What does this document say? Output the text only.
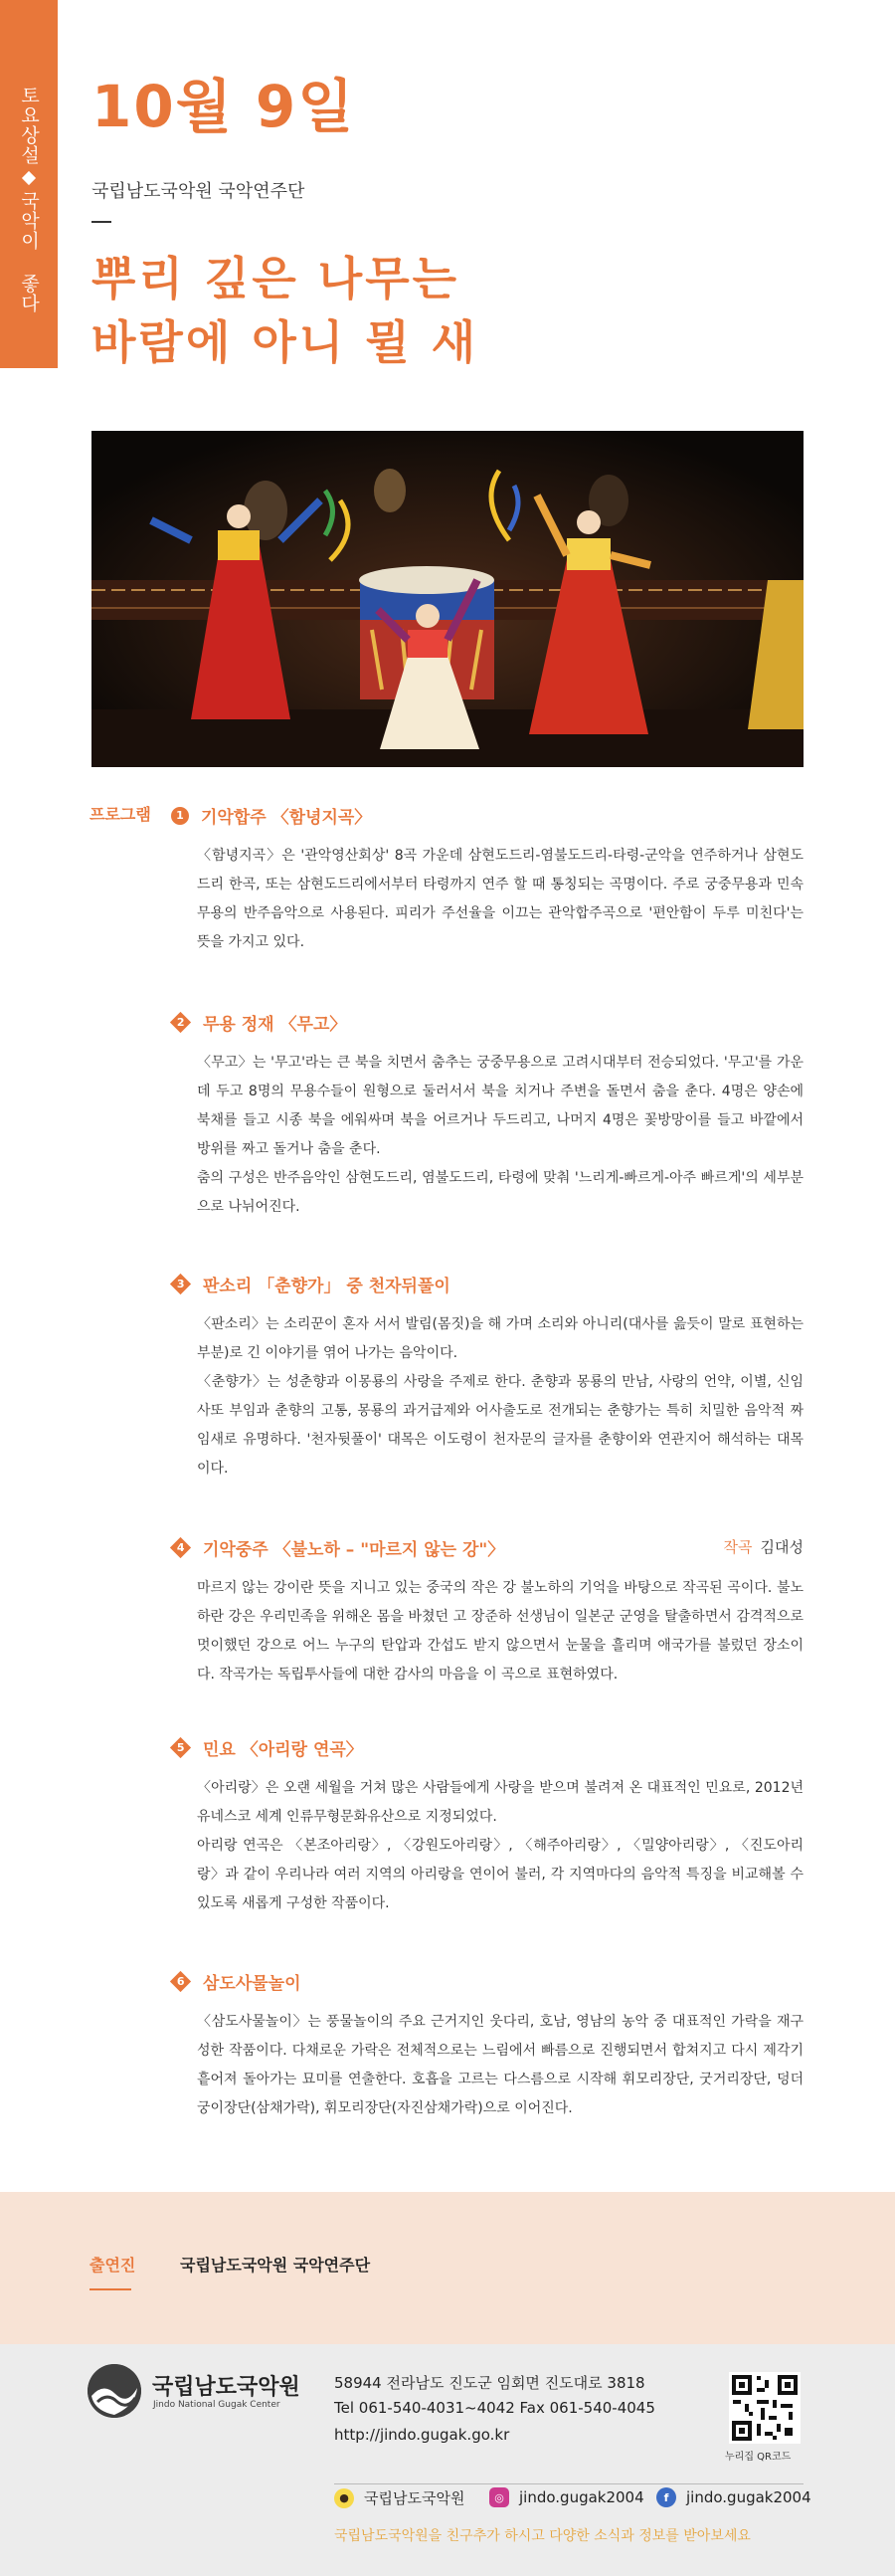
토요상설
국악이 좋다
10월 9일
국립남도국악원 국악연주단
뿌리 깊은 나무는
바람에 아니 뮐 새
프로그램 1 기악합주 〈함녕지곡〉

〈함녕지곡〉은 '관악영산회상' 8곡 가운데 삼현도드리-염불도드리-타령-군악을 연주하거나 삼현도드리 한곡, 또는 삼현도드리에서부터 타령까지 연주 할 때 통칭되는 곡명이다. 주로 궁중무용과 민속무용의 반주음악으로 사용된다. 피리가 주선율을 이끄는 관악합주곡으로 '편안함이 두루 미친다'는 뜻을 가지고 있다.

2 무용 정재 〈무고〉

〈무고〉는 '무고'라는 큰 북을 치면서 춤추는 궁중무용으로 고려시대부터 전승되었다. '무고'를 가운데 두고 8명의 무용수들이 원형으로 둘러서서 북을 치거나 주변을 돌면서 춤을 춘다. 4명은 양손에 북채를 들고 시종 북을 에워싸며 북을 어르거나 두드리고, 나머지 4명은 꽃방망이를 들고 바깥에서 방위를 짜고 돌거나 춤을 춘다.

춤의 구성은 반주음악인 삼현도드리, 염불도드리, 타령에 맞춰 '느리게-빠르게-아주 빠르게'의 세부분으로 나뉘어진다.

3 판소리 「춘향가」 중 천자뒤풀이

〈판소리〉는 소리꾼이 혼자 서서 발림(몸짓)을 해 가며 소리와 아니리(대사를 읊듯이 말로 표현하는 부분)로 긴 이야기를 엮어 나가는 음악이다.

〈춘향가〉는 성춘향과 이몽룡의 사랑을 주제로 한다. 춘향과 몽룡의 만남, 사랑의 언약, 이별, 신임 사또 부임과 춘향의 고통, 몽룡의 과거급제와 어사출도로 전개되는 춘향가는 특히 치밀한 음악적 짜임새로 유명하다. '천자뒷풀이' 대목은 이도령이 천자문의 글자를 춘향이와 연관지어 해석하는 대목이다.

4 기악중주 〈불노하 – "마르지 않는 강"〉	작곡 김대성

마르지 않는 강이란 뜻을 지니고 있는 중국의 작은 강 불노하의 기억을 바탕으로 작곡된 곡이다. 불노하란 강은 우리민족을 위해온 몸을 바쳤던 고 장준하 선생님이 일본군 군영을 탈출하면서 감격적으로 멋이했던 강으로 어느 누구의 탄압과 간섭도 받지 않으면서 눈물을 흘리며 애국가를 불렀던 장소이다. 작곡가는 독립투사들에 대한 감사의 마음을 이 곡으로 표현하였다.

5 민요 〈아리랑 연곡〉

〈아리랑〉은 오랜 세월을 거쳐 많은 사람들에게 사랑을 받으며 불려져 온 대표적인 민요로, 2012년 유네스코 세계 인류무형문화유산으로 지정되었다.

아리랑 연곡은 〈본조아리랑〉, 〈강원도아리랑〉, 〈해주아리랑〉, 〈밀양아리랑〉, 〈진도아리랑〉과 같이 우리나라 여러 지역의 아리랑을 연이어 불러, 각 지역마다의 음악적 특징을 비교해볼 수 있도록 새롭게 구성한 작품이다.

6 삼도사물놀이

〈삼도사물놀이〉는 풍물놀이의 주요 근거지인 웃다리, 호남, 영남의 농악 중 대표적인 가락을 재구성한 작품이다. 다채로운 가락은 전체적으로는 느림에서 빠름으로 진행되면서 합쳐지고 다시 제각기 흩어져 돌아가는 묘미를 연출한다. 호흡을 고르는 다스름으로 시작해 휘모리장단, 굿거리장단, 덩더궁이장단(삼채가락), 휘모리장단(자진삼채가락)으로 이어진다.

출연진	국립남도국악원 국악연주단
국립남도국악원
Jindo National Gugak Center
58944 전라남도 진도군 임회면 진도대로 3818
Tel 061-540-4031~4042 Fax 061-540-4045
http://jindo.gugak.go.kr
누리집 QR코드
●	국립남도국악원	◎	jindo.gugak2004	f	jindo.gugak2004
국립남도국악원을 친구추가 하시고 다양한 소식과 정보를 받아보세요
